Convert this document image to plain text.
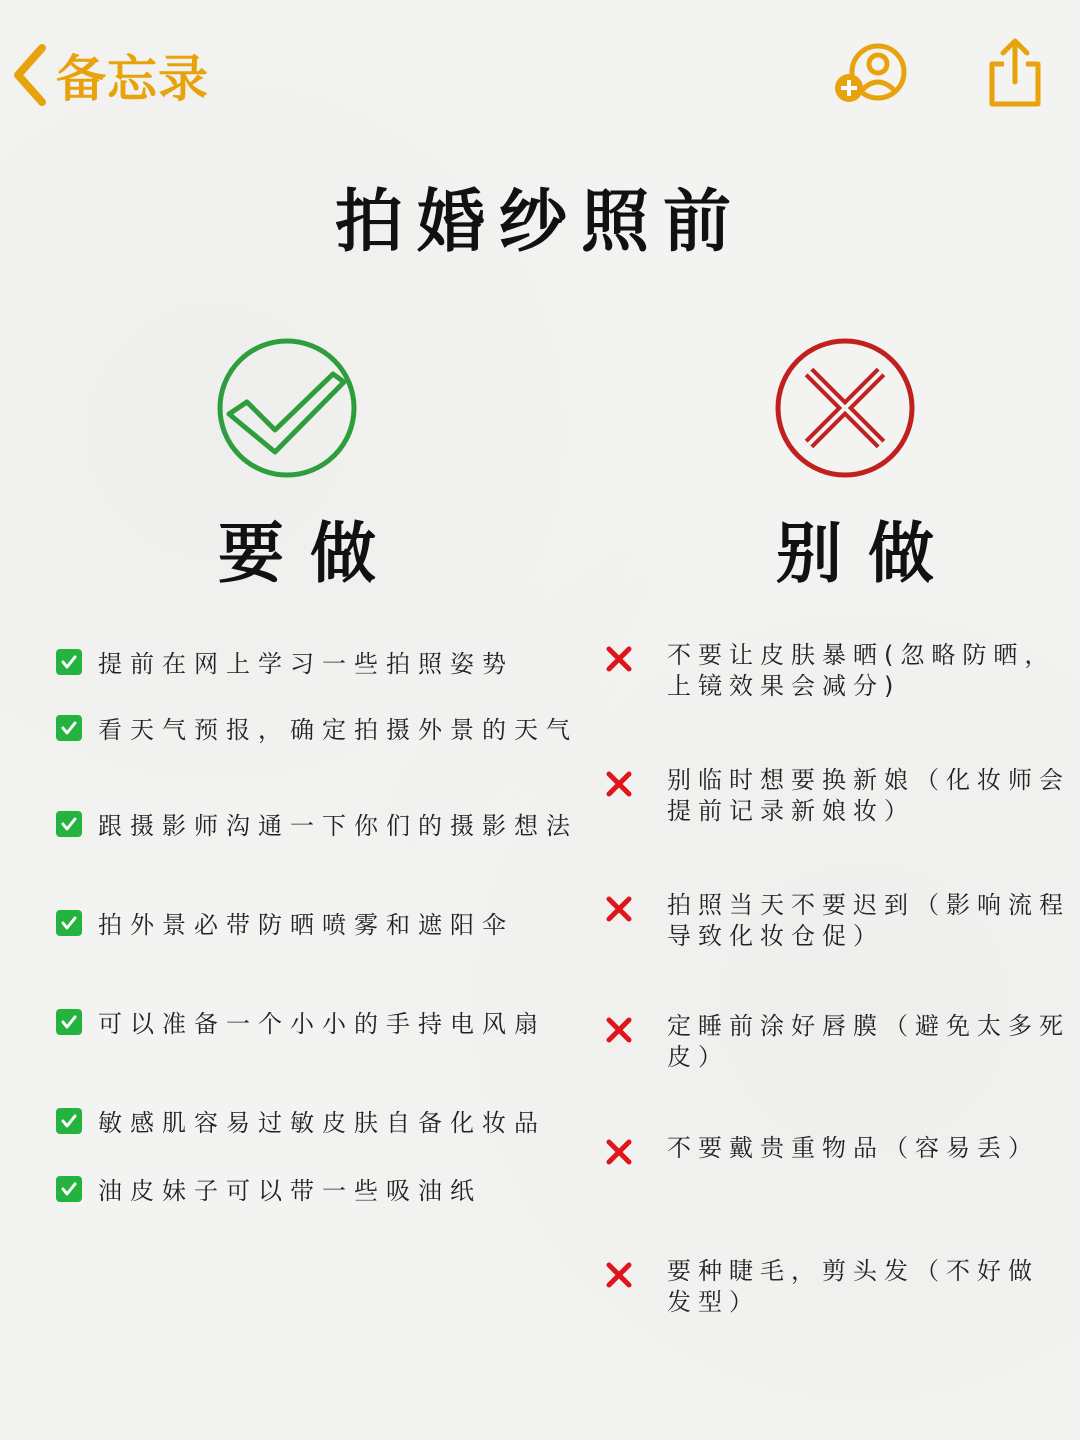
备忘录
拍婚纱照前
要做	别做
提前在网上学习一些拍照姿势
看天气预报，确定拍摄外景的天气
跟摄影师沟通一下你们的摄影想法
拍外景必带防晒喷雾和遮阳伞
可以准备一个小小的手持电风扇
敏感肌容易过敏皮肤自备化妆品
油皮妹子可以带一些吸油纸
不要让皮肤暴晒(忽略防晒，
上镜效果会减分)
别临时想要换新娘（化妆师会
提前记录新娘妆）
拍照当天不要迟到（影响流程
导致化妆仓促）
定睡前涂好唇膜（避免太多死
皮）
不要戴贵重物品（容易丢）
要种睫毛，剪头发（不好做
发型）
